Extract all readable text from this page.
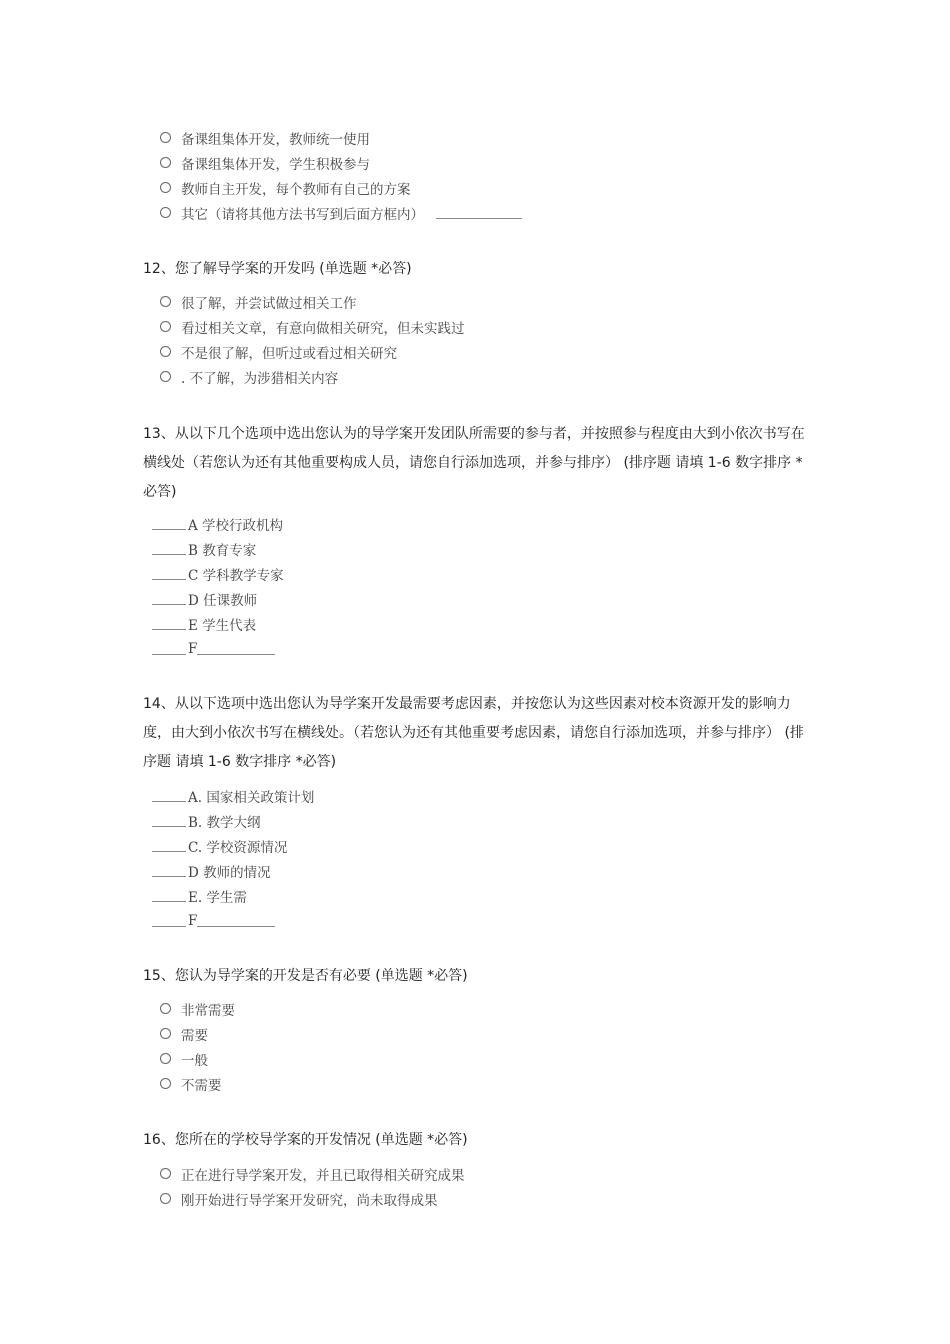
备课组集体开发，教师统一使用
备课组集体开发，学生积极参与
教师自主开发，每个教师有自己的方案
其它（请将其他方法书写到后面方框内）
12、您了解导学案的开发吗 (单选题 *必答)
很了解，并尝试做过相关工作
看过相关文章，有意向做相关研究，但未实践过
不是很了解，但听过或看过相关研究
. 不了解，为涉猎相关内容
13、从以下几个选项中选出您认为的导学案开发团队所需要的参与者，并按照参与程度由大到小依次书写在横线处（若您认为还有其他重要构成人员，请您自行添加选项，并参与排序） (排序题 请填 1-6 数字排序 *必答)
A 学校行政机构
B 教育专家
C 学科教学专家
D 任课教师
E 学生代表
F
14、从以下选项中选出您认为导学案开发最需要考虑因素，并按您认为这些因素对校本资源开发的影响力度，由大到小依次书写在横线处。（若您认为还有其他重要考虑因素，请您自行添加选项，并参与排序） (排序题 请填 1-6 数字排序 *必答)
A. 国家相关政策计划
B. 教学大纲
C. 学校资源情况
D 教师的情况
E. 学生需
F
15、您认为导学案的开发是否有必要 (单选题 *必答)
非常需要
需要
一般
不需要
16、您所在的学校导学案的开发情况 (单选题 *必答)
正在进行导学案开发，并且已取得相关研究成果
刚开始进行导学案开发研究，尚未取得成果
